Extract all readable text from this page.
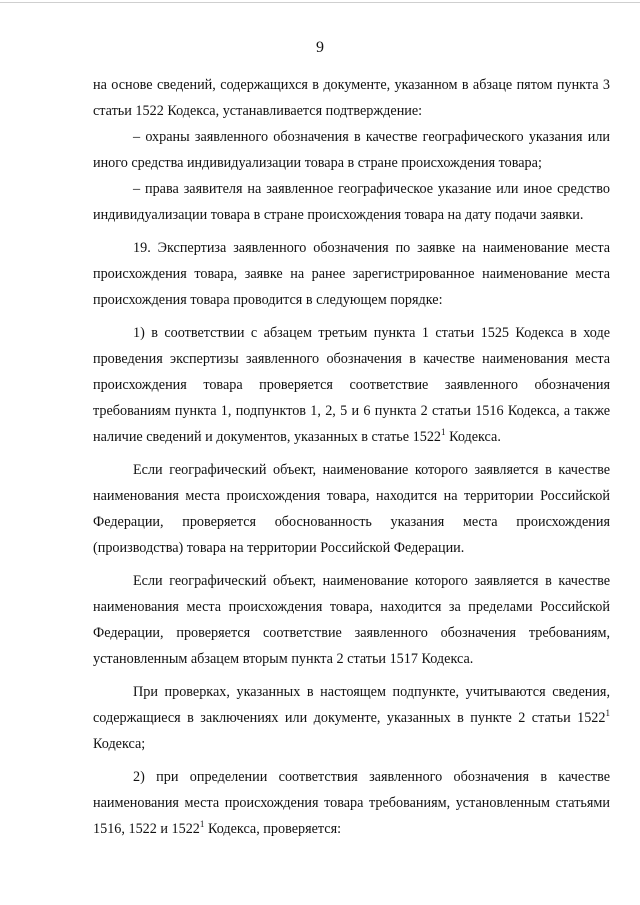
9

на основе сведений, содержащихся в документе, указанном в абзаце пятом пункта 3 статьи 1522 Кодекса, устанавливается подтверждение:

– охраны заявленного обозначения в качестве географического указания или иного средства индивидуализации товара в стране происхождения товара;

– права заявителя на заявленное географическое указание или иное средство индивидуализации товара в стране происхождения товара на дату подачи заявки.

19. Экспертиза заявленного обозначения по заявке на наименование места происхождения товара, заявке на ранее зарегистрированное наименование места происхождения товара проводится в следующем порядке:

1) в соответствии с абзацем третьим пункта 1 статьи 1525 Кодекса в ходе проведения экспертизы заявленного обозначения в качестве наименования места происхождения товара проверяется соответствие заявленного обозначения требованиям пункта 1, подпунктов 1, 2, 5 и 6 пункта 2 статьи 1516 Кодекса, а также наличие сведений и документов, указанных в статье 1522$^1$ Кодекса.

Если географический объект, наименование которого заявляется в качестве наименования места происхождения товара, находится на территории Российской Федерации, проверяется обоснованность указания места происхождения (производства) товара на территории Российской Федерации.

Если географический объект, наименование которого заявляется в качестве наименования места происхождения товара, находится за пределами Российской Федерации, проверяется соответствие заявленного обозначения требованиям, установленным абзацем вторым пункта 2 статьи 1517 Кодекса.

При проверках, указанных в настоящем подпункте, учитываются сведения, содержащиеся в заключениях или документе, указанных в пункте 2 статьи 1522$^1$ Кодекса;

2) при определении соответствия заявленного обозначения в качестве наименования места происхождения товара требованиям, установленным статьями 1516, 1522 и 1522$^1$ Кодекса, проверяется:
